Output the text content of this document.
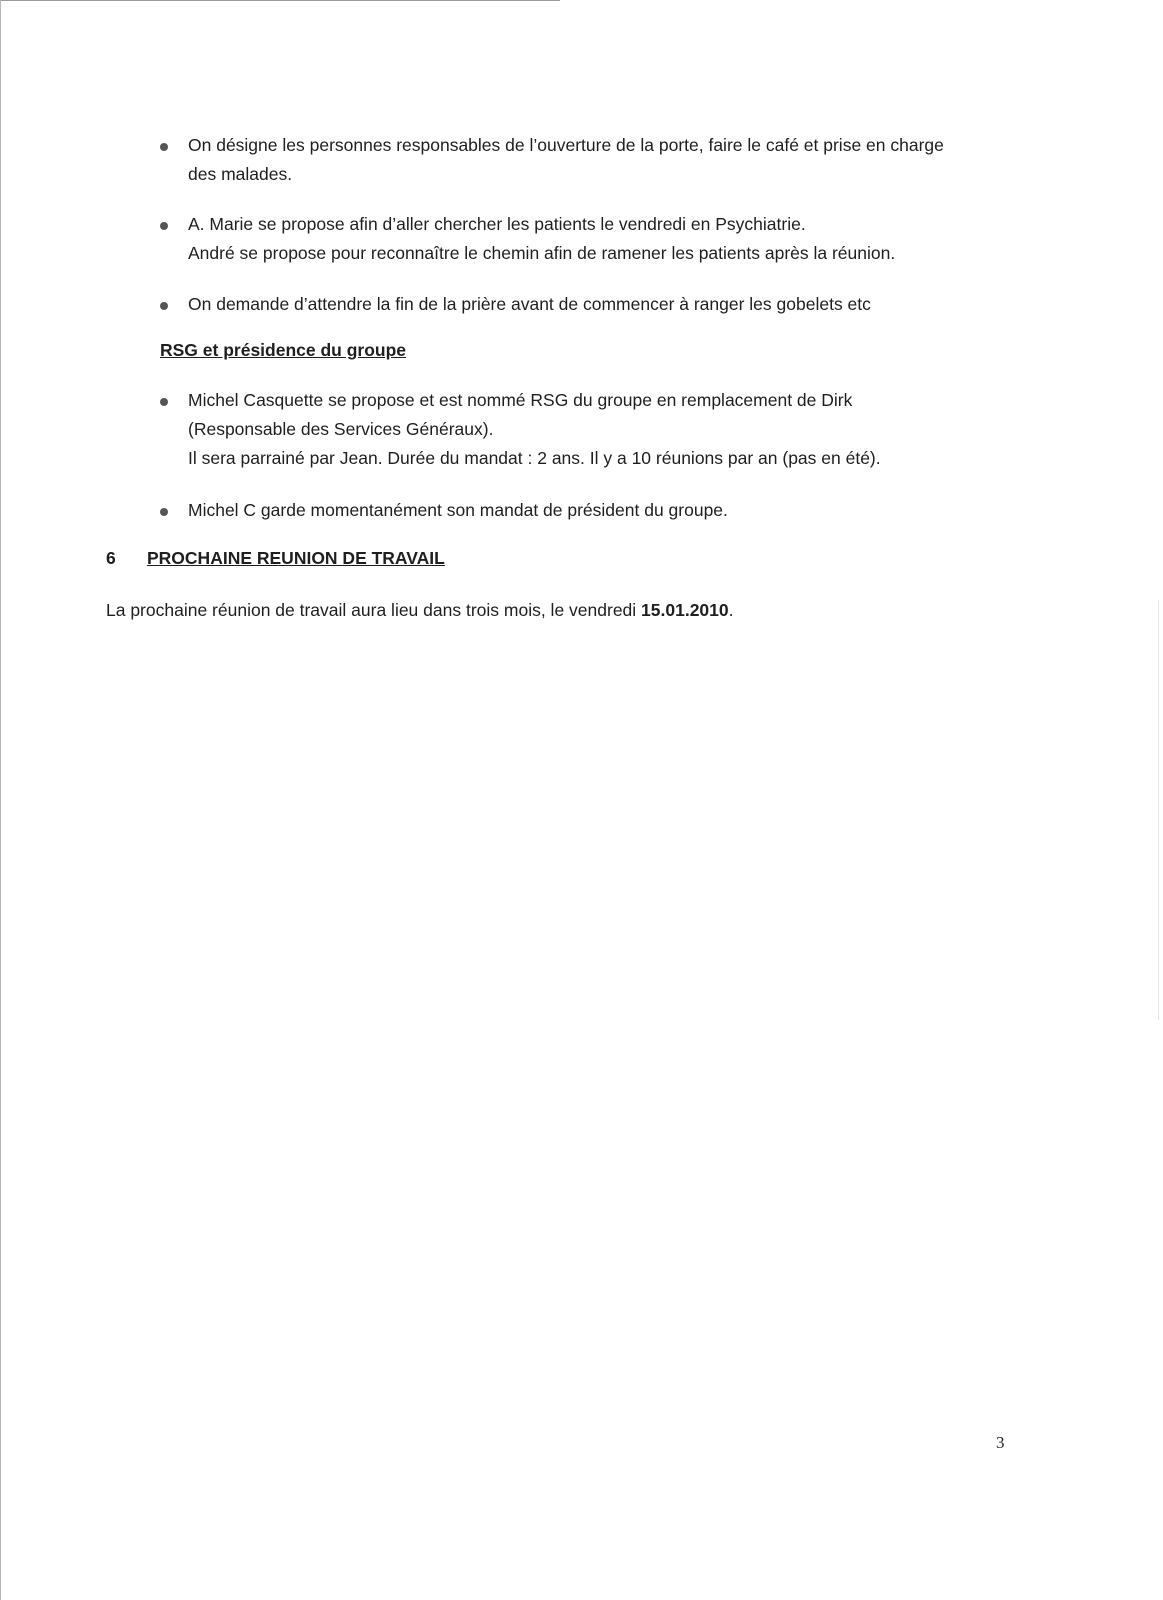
On désigne les personnes responsables de l’ouverture de la porte, faire le café et prise en charge
des malades.
A. Marie se propose afin d’aller chercher les patients le vendredi en Psychiatrie.
André se propose pour reconnaître le chemin afin de ramener les patients après la réunion.
On demande d’attendre la fin de la prière avant de commencer à ranger les gobelets etc
RSG et présidence du groupe
Michel Casquette se propose et est nommé RSG du groupe en remplacement de Dirk
(Responsable des Services Généraux).
Il sera parrainé par Jean. Durée du mandat : 2 ans. Il y a 10 réunions par an (pas en été).
Michel C garde momentanément son mandat de président du groupe.
6 PROCHAINE REUNION DE TRAVAIL
La prochaine réunion de travail aura lieu dans trois mois, le vendredi 15.01.2010.
3
